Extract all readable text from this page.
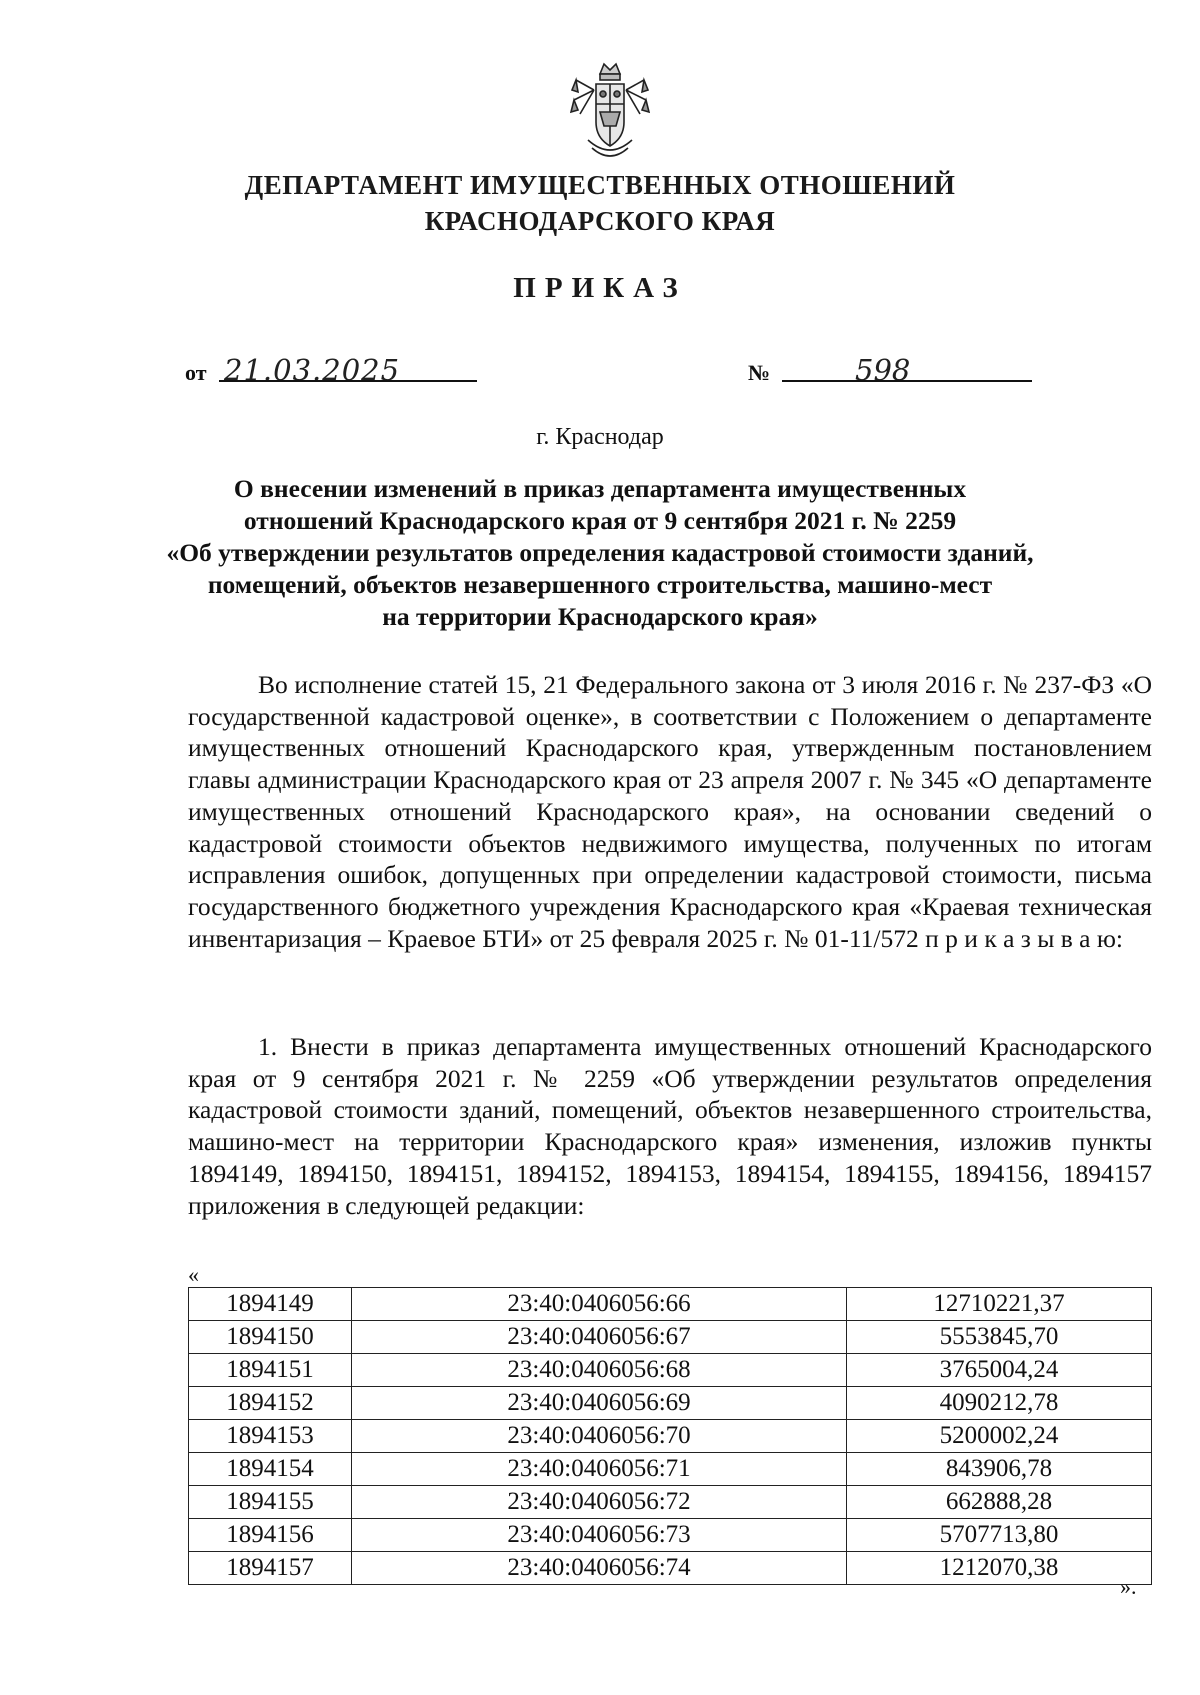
ДЕПАРТАМЕНТ ИМУЩЕСТВЕННЫХ ОТНОШЕНИЙ
КРАСНОДАРСКОГО КРАЯ
ПРИКАЗ
от 21.03.2025	№	598
г. Краснодар
О внесении изменений в приказ департамента имущественных
отношений Краснодарского края от 9 сентября 2021 г. № 2259
«Об утверждении результатов определения кадастровой стоимости зданий,
помещений, объектов незавершенного строительства, машино-мест
на территории Краснодарского края»
Во исполнение статей 15, 21 Федерального закона от 3 июля 2016 г. № 237-ФЗ «О государственной кадастровой оценке», в соответствии с Положением о департаменте имущественных отношений Краснодарского края, утвержденным постановлением главы администрации Краснодарского края от 23 апреля 2007 г. № 345 «О департаменте имущественных отношений Краснодарского края», на основании сведений о кадастровой стоимости объектов недвижимого имущества, полученных по итогам исправления ошибок, допущенных при определении кадастровой стоимости, письма государственного бюджетного учреждения Краснодарского края «Краевая техническая инвентаризация – Краевое БТИ» от 25 февраля 2025 г. № 01-11/572 п р и к а з ы в а ю:
1. Внести в приказ департамента имущественных отношений Краснодарского края от 9 сентября 2021 г. № 2259 «Об утверждении результатов определения кадастровой стоимости зданий, помещений, объектов незавершенного строительства, машино-мест на территории Краснодарского края» изменения, изложив пункты 1894149, 1894150, 1894151, 1894152, 1894153, 1894154, 1894155, 1894156, 1894157 приложения в следующей редакции:
«
1894149	23:40:0406056:66	12710221,37
1894150	23:40:0406056:67	5553845,70
1894151	23:40:0406056:68	3765004,24
1894152	23:40:0406056:69	4090212,78
1894153	23:40:0406056:70	5200002,24
1894154	23:40:0406056:71	843906,78
1894155	23:40:0406056:72	662888,28
1894156	23:40:0406056:73	5707713,80
1894157	23:40:0406056:74	1212070,38
».
